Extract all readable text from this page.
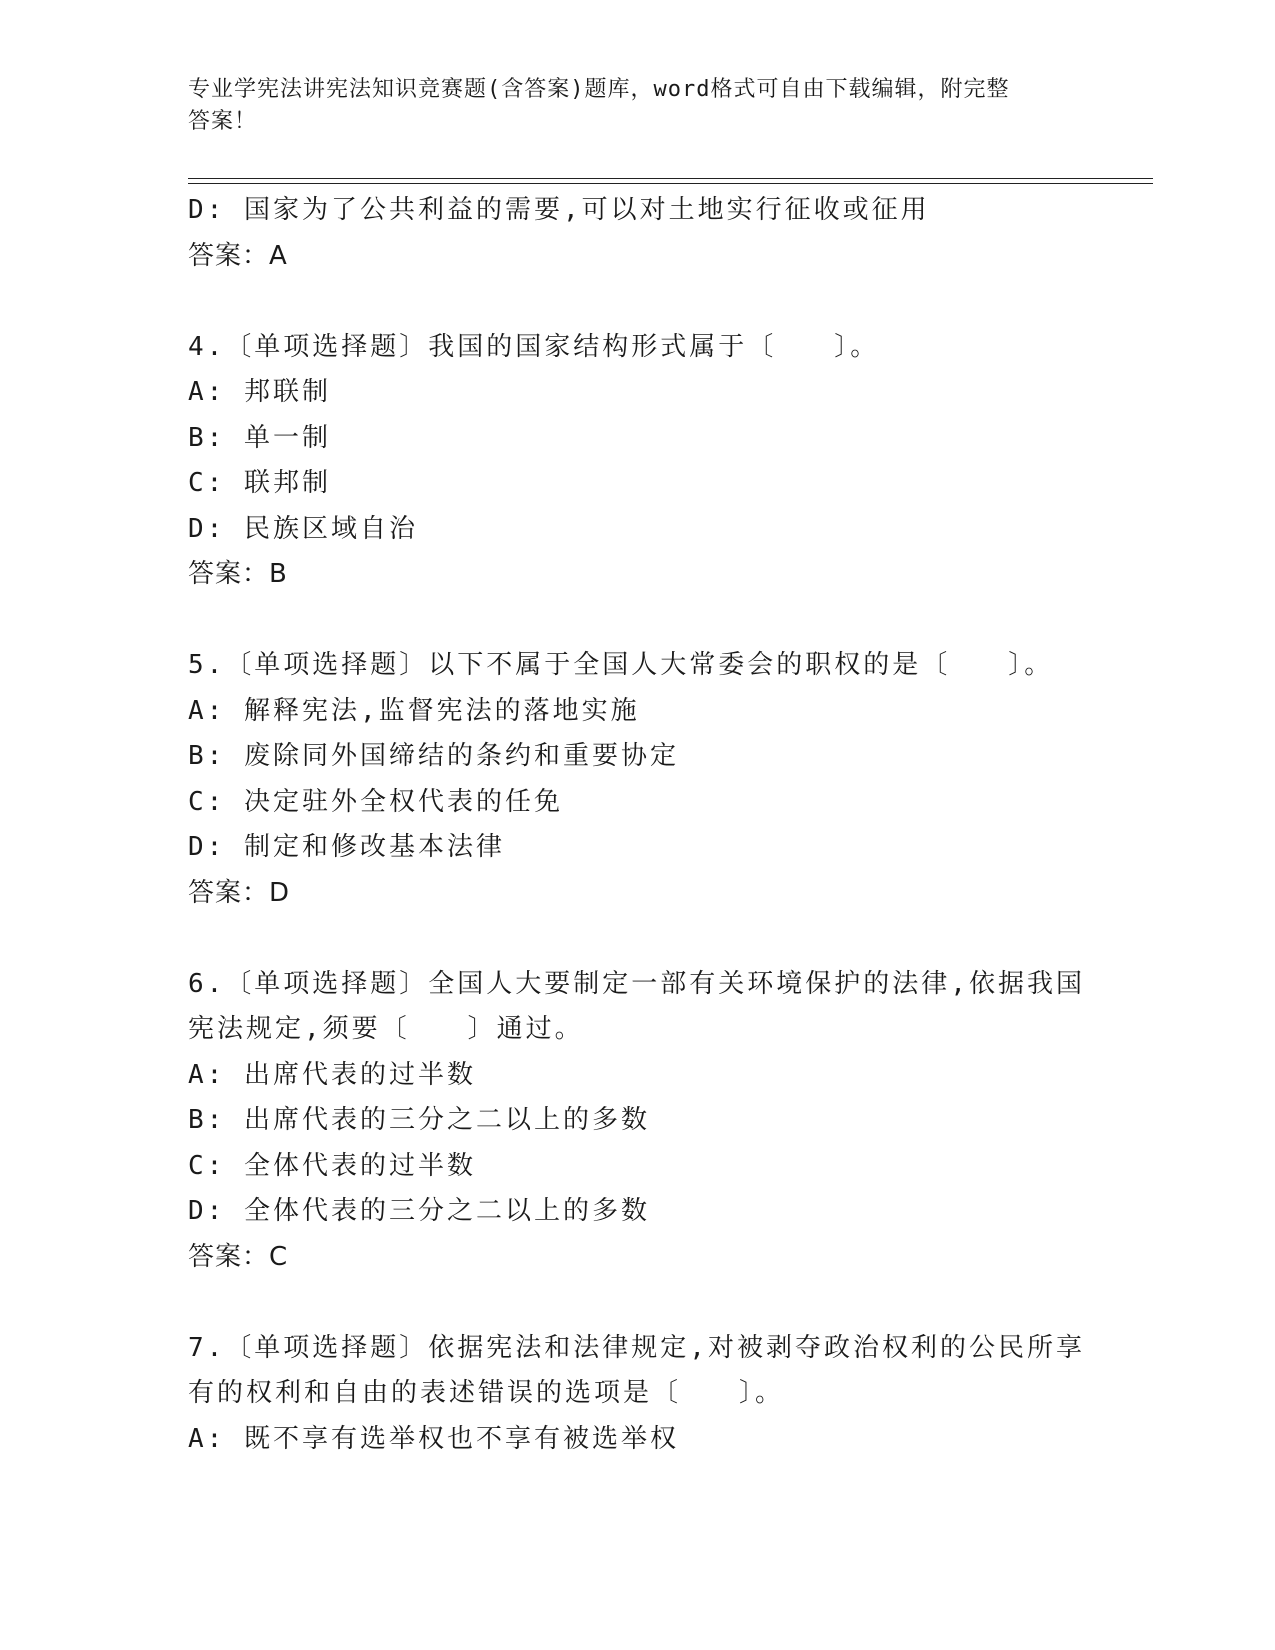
专业学宪法讲宪法知识竞赛题(含答案)题库，word格式可自由下载编辑，附完整
答案！
D: 国家为了公共利益的需要,可以对土地实行征收或征用
答案：A
4.〔单项选择题〕我国的国家结构形式属于〔　　〕。
A: 邦联制
B: 单一制
C: 联邦制
D: 民族区域自治
答案：B
5.〔单项选择题〕以下不属于全国人大常委会的职权的是〔　　〕。
A: 解释宪法,监督宪法的落地实施
B: 废除同外国缔结的条约和重要协定
C: 决定驻外全权代表的任免
D: 制定和修改基本法律
答案：D
6.〔单项选择题〕全国人大要制定一部有关环境保护的法律,依据我国
宪法规定,须要〔　　〕通过。
A: 出席代表的过半数
B: 出席代表的三分之二以上的多数
C: 全体代表的过半数
D: 全体代表的三分之二以上的多数
答案：C
7.〔单项选择题〕依据宪法和法律规定,对被剥夺政治权利的公民所享
有的权利和自由的表述错误的选项是〔　　〕。
A: 既不享有选举权也不享有被选举权
